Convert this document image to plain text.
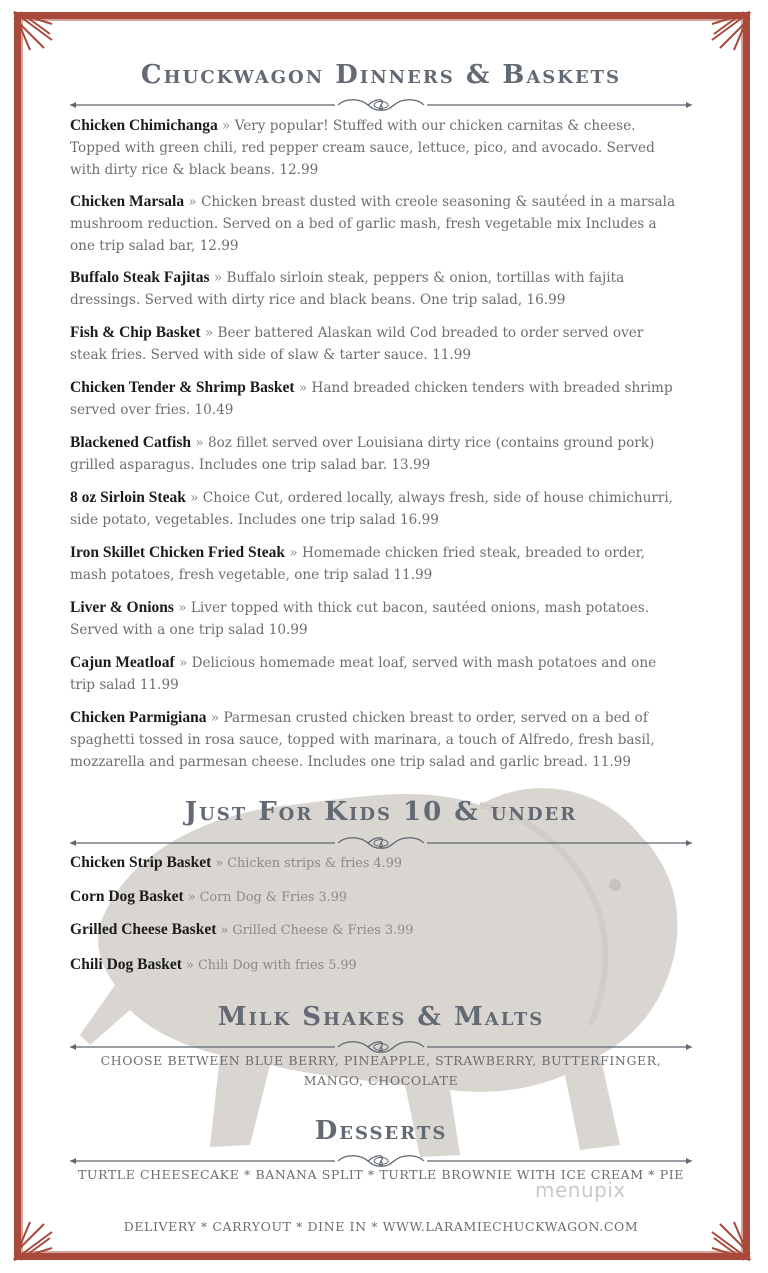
Chuckwagon Dinners & Baskets
Chicken Chimichanga » Very popular! Stuffed with our chicken carnitas & cheese. Topped with green chili, red pepper cream sauce, lettuce, pico, and avocado. Served with dirty rice & black beans. 12.99
Chicken Marsala » Chicken breast dusted with creole seasoning & sautéed in a marsala mushroom reduction. Served on a bed of garlic mash, fresh vegetable mix Includes a one trip salad bar, 12.99
Buffalo Steak Fajitas » Buffalo sirloin steak, peppers & onion, tortillas with fajita dressings. Served with dirty rice and black beans. One trip salad, 16.99
Fish & Chip Basket » Beer battered Alaskan wild Cod breaded to order served over steak fries. Served with side of slaw & tarter sauce. 11.99
Chicken Tender & Shrimp Basket » Hand breaded chicken tenders with breaded shrimp served over fries. 10.49
Blackened Catfish » 8oz fillet served over Louisiana dirty rice (contains ground pork) grilled asparagus. Includes one trip salad bar. 13.99
8 oz Sirloin Steak » Choice Cut, ordered locally, always fresh, side of house chimichurri, side potato, vegetables. Includes one trip salad 16.99
Iron Skillet Chicken Fried Steak » Homemade chicken fried steak, breaded to order, mash potatoes, fresh vegetable, one trip salad 11.99
Liver & Onions » Liver topped with thick cut bacon, sautéed onions, mash potatoes. Served with a one trip salad 10.99
Cajun Meatloaf » Delicious homemade meat loaf, served with mash potatoes and one trip salad 11.99
Chicken Parmigiana » Parmesan crusted chicken breast to order, served on a bed of spaghetti tossed in rosa sauce, topped with marinara, a touch of Alfredo, fresh basil, mozzarella and parmesan cheese. Includes one trip salad and garlic bread. 11.99
Just For Kids 10 & under
Chicken Strip Basket » Chicken strips & fries 4.99
Corn Dog Basket » Corn Dog & Fries 3.99
Grilled Cheese Basket » Grilled Cheese & Fries 3.99
Chili Dog Basket » Chili Dog with fries 5.99
Milk Shakes & Malts
CHOOSE BETWEEN BLUE BERRY, PINEAPPLE, STRAWBERRY, BUTTERFINGER, MANGO, CHOCOLATE
Desserts
TURTLE CHEESECAKE * BANANA SPLIT * TURTLE BROWNIE WITH ICE CREAM * PIE
DELIVERY * CARRYOUT * DINE IN * WWW.LARAMIECHUCKWAGON.COM
menupix
